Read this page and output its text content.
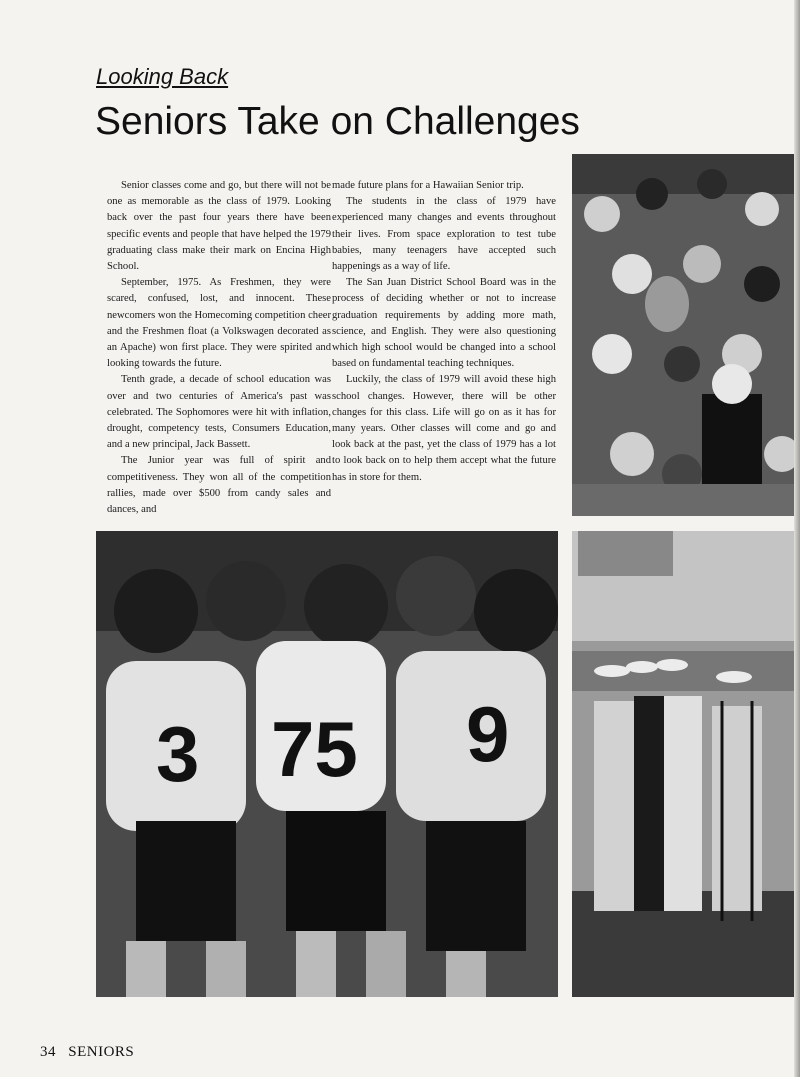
Looking Back
Seniors Take on Challenges

Senior classes come and go, but there will not be one as memorable as the class of 1979. Looking back over the past four years there have been specific events and people that have helped the 1979 graduating class make their mark on Encina High School.

September, 1975. As Freshmen, they were scared, confused, lost, and innocent. These newcomers won the Homecoming competition cheer and the Freshmen float (a Volkswagen decorated as an Apache) won first place. They were spirited and looking towards the future.

Tenth grade, a decade of school education was over and two centuries of America's past was celebrated. The Sophomores were hit with inflation, drought, competency tests, Consumers Education, and a new principal, Jack Bassett.

The Junior year was full of spirit and competitiveness. They won all of the competition rallies, made over $500 from candy sales and dances, and

made future plans for a Hawaiian Senior trip.

The students in the class of 1979 have experienced many changes and events throughout their lives. From space exploration to test tube babies, many teenagers have accepted such happenings as a way of life.

The San Juan District School Board was in the process of deciding whether or not to increase graduation requirements by adding more math, science, and English. They were also questioning which high school would be changed into a school based on fundamental teaching techniques.

Luckily, the class of 1979 will avoid these high school changes. However, there will be other changes for this class. Life will go on as it has for many years. Other classes will come and go and look back at the past, yet the class of 1979 has a lot to look back on to help them accept what the future has in store for them.

3 75 9
34 SENIORS
